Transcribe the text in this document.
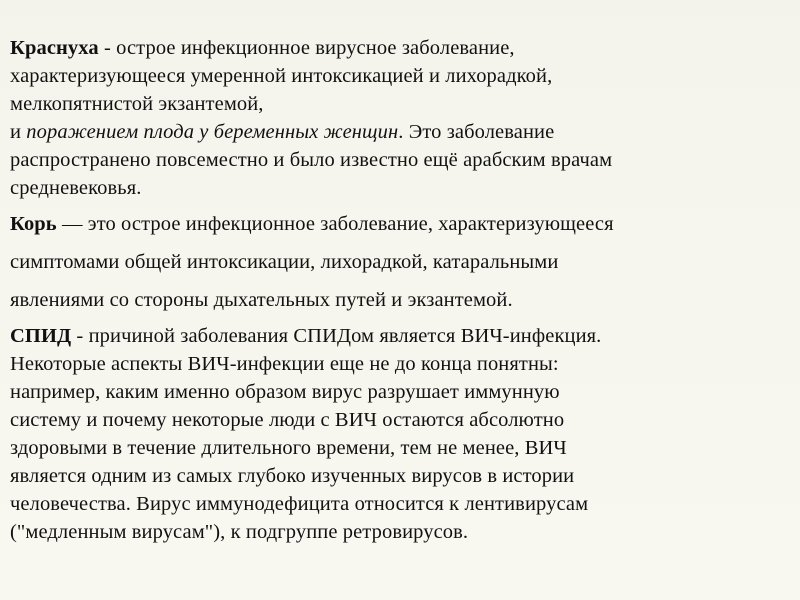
Краснуха - острое инфекционное вирусное заболевание,
характеризующееся умеренной интоксикацией и лихорадкой,
мелкопятнистой экзантемой,
и поражением плода у беременных женщин. Это заболевание
распространено повсеместно и было известно ещё арабским врачам
средневековья.
Корь — это острое инфекционное заболевание, характеризующееся
симптомами общей интоксикации, лихорадкой, катаральными
явлениями со стороны дыхательных путей и экзантемой.
СПИД - причиной заболевания СПИДом является ВИЧ-инфекция.
Некоторые аспекты ВИЧ-инфекции еще не до конца понятны:
например, каким именно образом вирус разрушает иммунную
систему и почему некоторые люди с ВИЧ остаются абсолютно
здоровыми в течение длительного времени, тем не менее, ВИЧ
является одним из самых глубоко изученных вирусов в истории
человечества. Вирус иммунодефицита относится к лентивирусам
("медленным вирусам"), к подгруппе ретровирусов.
